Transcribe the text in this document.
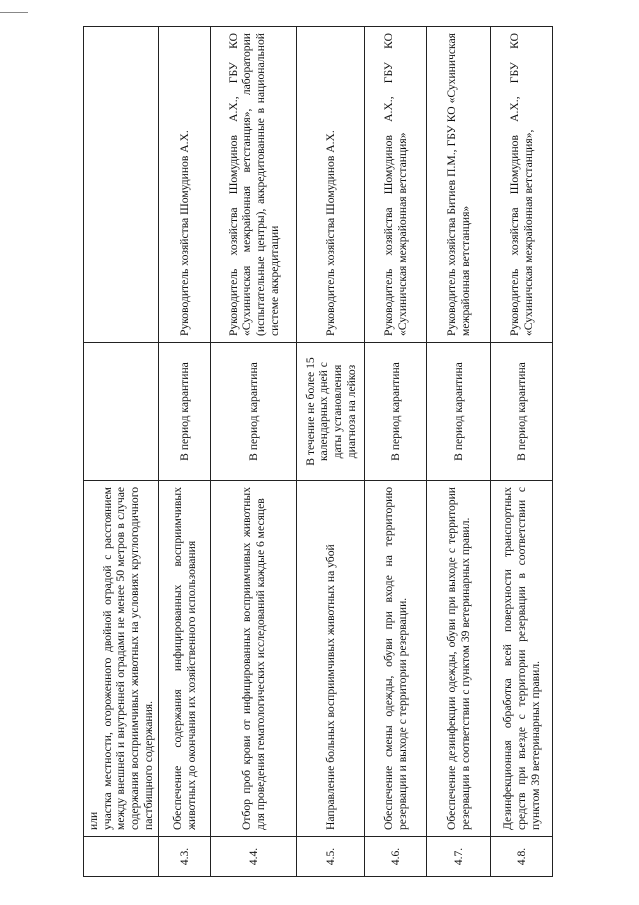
	или
участка местности, огороженного двойной оградой с расстоянием между внешней и внутренней оградами не менее 50 метров в случае содержания восприимчивых животных на условиях круглогодичного пастбищного содержания.		
4.3.	Обеспечение содержания инфицированных восприимчивых животных до окончания их хозяйственного использования	В период карантина	Руководитель хозяйства Шомудинов А.Х.
4.4.	Отбор проб крови от инфицированных восприимчивых животных для проведения гематологических исследований каждые 6 месяцев	В период карантина	Руководитель хозяйства Шомудинов А.Х., ГБУ КО «Сухиничская межрайонная ветстанция», лаборатории (испытательные центры), аккредитованные в национальной системе аккредитации
4.5.	Направление больных восприимчивых животных на убой	В течение не более 15 календарных дней с даты установления диагноза на лейкоз	Руководитель хозяйства Шомудинов А.Х.
4.6.	Обеспечение смены одежды, обуви при входе на территорию резервации и выходе с территории резервации.	В период карантина	Руководитель хозяйства Шомудинов А.Х., ГБУ КО «Сухиничская межрайонная ветстанция»
4.7.	Обеспечение дезинфекции одежды, обуви при выходе с территории резервации в соответствии с пунктом 39 ветеринарных правил.	В период карантина	Руководитель хозяйства Битиев П.М., ГБУ КО «Сухиничская межрайонная ветстанция»
4.8.	Дезинфекционная обработка всей поверхности транспортных средств при въезде с территории резервации в соответствии с пунктом 39 ветеринарных правил.	В период карантина	Руководитель хозяйства Шомудинов А.Х., ГБУ КО «Сухиничская межрайонная ветстанция»,
